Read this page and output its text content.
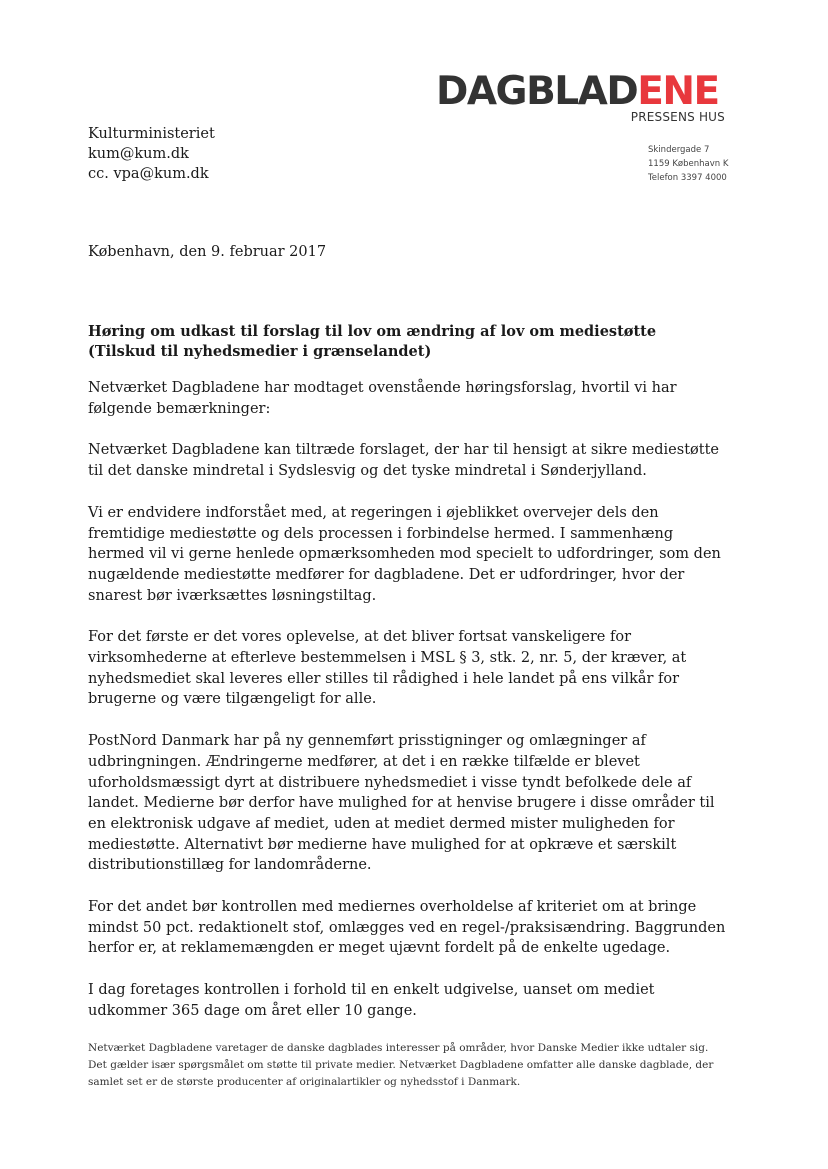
DAGBLADENE
PRESSENS HUS
Skindergade 7
1159 København K
Telefon 3397 4000
Kulturministeriet
kum@kum.dk
cc. vpa@kum.dk
København, den 9. februar 2017
Høring om udkast til forslag til lov om ændring af lov om mediestøtte (Tilskud til nyhedsmedier i grænselandet)

Netværket Dagbladene har modtaget ovenstående høringsforslag, hvortil vi har følgende bemærkninger:

Netværket Dagbladene kan tiltræde forslaget, der har til hensigt at sikre mediestøtte til det danske mindretal i Sydslesvig og det tyske mindretal i Sønderjylland.

Vi er endvidere indforstået med, at regeringen i øjeblikket overvejer dels den fremtidige mediestøtte og dels processen i forbindelse hermed. I sammenhæng hermed vil vi gerne henlede opmærksomheden mod specielt to udfordringer, som den nugældende mediestøtte medfører for dagbladene. Det er udfordringer, hvor der snarest bør iværksættes løsningstiltag.

For det første er det vores oplevelse, at det bliver fortsat vanskeligere for virksomhederne at efterleve bestemmelsen i MSL § 3, stk. 2, nr. 5, der kræver, at nyhedsmediet skal leveres eller stilles til rådighed i hele landet på ens vilkår for brugerne og være tilgængeligt for alle.

PostNord Danmark har på ny gennemført prisstigninger og omlægninger af udbringningen. Ændringerne medfører, at det i en række tilfælde er blevet uforholdsmæssigt dyrt at distribuere nyhedsmediet i visse tyndt befolkede dele af landet. Medierne bør derfor have mulighed for at henvise brugere i disse områder til en elektronisk udgave af mediet, uden at mediet dermed mister muligheden for mediestøtte. Alternativt bør medierne have mulighed for at opkræve et særskilt distributionstillæg for landområderne.

For det andet bør kontrollen med mediernes overholdelse af kriteriet om at bringe mindst 50 pct. redaktionelt stof, omlægges ved en regel-/praksisændring. Baggrunden herfor er, at reklamemængden er meget ujævnt fordelt på de enkelte ugedage.

I dag foretages kontrollen i forhold til en enkelt udgivelse, uanset om mediet udkommer 365 dage om året eller 10 gange.

Netværket Dagbladene varetager de danske dagblades interesser på områder, hvor Danske Medier ikke udtaler sig. Det gælder især spørgsmålet om støtte til private medier. Netværket Dagbladene omfatter alle danske dagblade, der samlet set er de største producenter af originalartikler og nyhedsstof i Danmark.
